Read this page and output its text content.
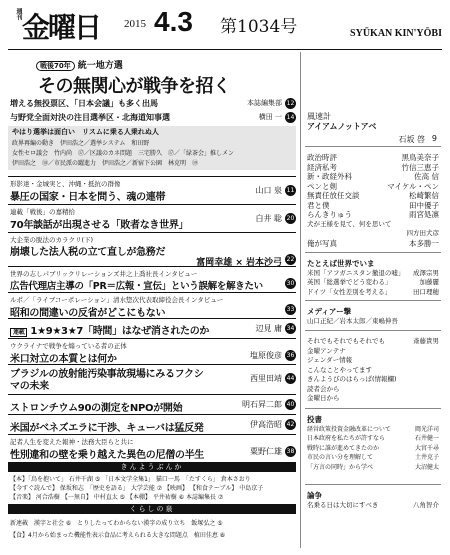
週刊 金曜日 2015 4.3 第1034号	SYŪKAN KIN'YŌBI
戦後70年 統一地方選
その無関心が戦争を招く
増える無投票区、「日本会議」も多く出馬	本誌編集部 12
与野党全面対決の注目選挙区・北海道知事選	横田 一 14
やはり選挙は面白い　リスムに乗る人乗れぬ人
政界再編の動き　伊田浩之／選挙システム　和田野
女性セロ議会　竹内尚　⑰／区議のカネ問題　三宅勝久　⑰／「緑茶会」推しメン
伊田浩之　⑱／市民派の躍進力　伊田浩之／新宿下公園　林克明　⑲
形影達・金城実と、沖縄・抵抗の群像
暴圧の国家・日本を問う、魂の連帯
山口 泉 11
連載「戦後」の嘉精拾
70年談話が出現させる「敗者なき世界」
白井 聡 20
大企業の脱法のカラクリ(下)
崩壊した法人税の立て直しが急務だ
富岡幸雄 × 岩本沙弓 22
世界の志しパブリックリレーションズ井之上喬社長インタビュー
広告代理店主導の「PR＝広報・宣伝」という誤解を解きたい	30
ルポ／「ライブコーポレーション」清水惣次代表取締役会長インタビュー
昭和の間違いの反省がどこにもない	33
連載 1★9★3★7「時間」はなぜ消されたのか	辺見 庸 34
ウクライナで戦争を煽っている者の正体
米口対立の本質とは何か	塩原俊彦 36
ブラジルの放射能汚染事故現場にみるフクシマの未来
西里田靖 44
ストロンチウム90の測定をNPOが開始	明石昇二郎 40
米国がベネズエラに干渉、キューバは猛反発	伊高浩昭 42
記者人生を変えた報神・法務大臣らと共に
性別違和の壁を乗り越えた異色の尼僧の半生	粟野仁雄 38
きんようぶんか
【本】「鳥を抱いて」 石井千湖 ⑤ 「日本文学全集1」 猫口一馬　「たすくら」 倉本さおり
【今すぐ読んで】 保坂和志　「歴史を語る」 大学芸能 ⑦ 【映画】 【和食テーブル】 中島京子
【音楽】 河合浩樹 【一無自】 中村直太 ⑤ 【本棚】 平井祐樹 ⑥ 本誌編集長 ⑦
くらしの泉
新連載　漢字と社会 ⑥　とりしたってわからない漢字の成り立ち　飯塚弘之 ⑤
【食】4月から始まった機能性表示食品に考えられる大きな問題点　植田佳恵 ⑧
風速計
アイアムノットアベ
石坂 啓 9
政治時評	黒鳥美奈子
経済私考	竹信三恵子
新・政経外科	佐高 信
ペンと剣	マイケル・ペン
無責任放任交談	松崎繁信
君と僕	田中優子
らんきりゅう	雨宮処凛
犬が王様を見て、何を思いて
四方田犬彦
俺が写真	本多勝一
たとえば世界でいま
米国「アフガニスタン撤退の嘘」 成澤宗男
英国「総選挙でどう変わる」	加藤麗
ドイツ「女性差別を考える」	田口理穂
メディアー撃
山口正紀／岩本太郎／東嶋伸吾
それでもそれでもそれでも	斎藤貴男
金曜アンテナ
ジェンダー情報
こんなことやってます
きんようびのはらっぱ(情報欄)
読者会から
金曜日から
投書
経営政策投資金融改革について	岡光洋司
日本政府を私たちが許すなら	石井健一
戦時に誰が進めてきたのか	大宮千尋
市民の言い分を理解して	土井克子
「方言の同時」から学べ	大沼健太
論争
名乗る日は大切にすべき	八角智介
